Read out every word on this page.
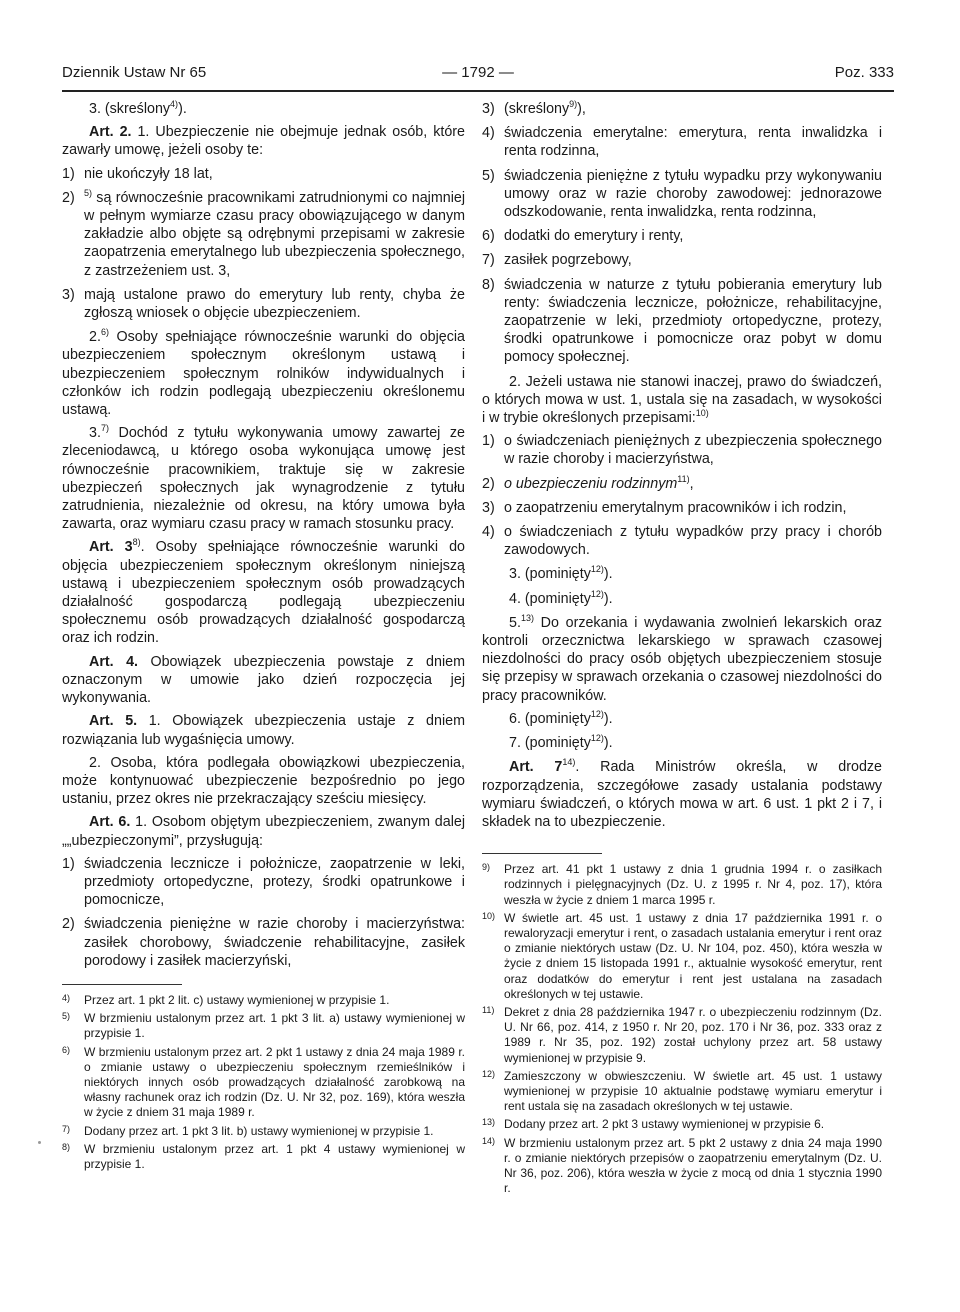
Dziennik Ustaw Nr 65	— 1792 —	Poz. 333

3. (skreślony$^{4)}$).

Art. 2. 1. Ubezpieczenie nie obejmuje jednak osób, które zawarły umowę, jeżeli osoby te:

1) nie ukończyły 18 lat,
2) $^{5)}$ są równocześnie pracownikami zatrudnionymi co najmniej w pełnym wymiarze czasu pracy obowiązującego w danym zakładzie albo objęte są odrębnymi przepisami w zakresie zaopatrzenia emerytalnego lub ubezpieczenia społecznego, z zastrzeżeniem ust. 3,
3) mają ustalone prawo do emerytury lub renty, chyba że zgłoszą wniosek o objęcie ubezpieczeniem.

2.$^{6)}$ Osoby spełniające równocześnie warunki do objęcia ubezpieczeniem społecznym określonym ustawą i ubezpieczeniem społecznym rolników indywidualnych i członków ich rodzin podlegają ubezpieczeniu określonemu ustawą.

3.$^{7)}$ Dochód z tytułu wykonywania umowy zawartej ze zleceniodawcą, u którego osoba wykonująca umowę jest równocześnie pracownikiem, traktuje się w zakresie ubezpieczeń społecznych jak wynagrodzenie z tytułu zatrudnienia, niezależnie od okresu, na który umowa była zawarta, oraz wymiaru czasu pracy w ramach stosunku pracy.

Art. 3$^{8)}$. Osoby spełniające równocześnie warunki do objęcia ubezpieczeniem społecznym określonym niniejszą ustawą i ubezpieczeniem społecznym osób prowadzących działalność gospodarczą podlegają ubezpieczeniu społecznemu osób prowadzących działalność gospodarczą oraz ich rodzin.

Art. 4. Obowiązek ubezpieczenia powstaje z dniem oznaczonym w umowie jako dzień rozpoczęcia jej wykonywania.

Art. 5. 1. Obowiązek ubezpieczenia ustaje z dniem rozwiązania lub wygaśnięcia umowy.

2. Osoba, która podlegała obowiązkowi ubezpieczenia, może kontynuować ubezpieczenie bezpośrednio po jego ustaniu, przez okres nie przekraczający sześciu miesięcy.

Art. 6. 1. Osobom objętym ubezpieczeniem, zwanym dalej „„ubezpieczonymi”, przysługują:

1) świadczenia lecznicze i położnicze, zaopatrzenie w leki, przedmioty ortopedyczne, protezy, środki opatrunkowe i pomocnicze,
2) świadczenia pieniężne w razie choroby i macierzyństwa: zasiłek chorobowy, świadczenie rehabilitacyjne, zasiłek porodowy i zasiłek macierzyński,
4) Przez art. 1 pkt 2 lit. c) ustawy wymienionej w przypisie 1.
5) W brzmieniu ustalonym przez art. 1 pkt 3 lit. a) ustawy wymienionej w przypisie 1.
6) W brzmieniu ustalonym przez art. 2 pkt 1 ustawy z dnia 24 maja 1989 r. o zmianie ustawy o ubezpieczeniu społecznym rzemieślników i niektórych innych osób prowadzących działalność zarobkową na własny rachunek oraz ich rodzin (Dz. U. Nr 32, poz. 169), która weszła w życie z dniem 31 maja 1989 r.
7) Dodany przez art. 1 pkt 3 lit. b) ustawy wymienionej w przypisie 1.
8) W brzmieniu ustalonym przez art. 1 pkt 4 ustawy wymienionej w przypisie 1.
3) (skreślony$^{9)}$),
4) świadczenia emerytalne: emerytura, renta inwalidzka i renta rodzinna,
5) świadczenia pieniężne z tytułu wypadku przy wykonywaniu umowy oraz w razie choroby zawodowej: jednorazowe odszkodowanie, renta inwalidzka, renta rodzinna,
6) dodatki do emerytury i renty,
7) zasiłek pogrzebowy,
8) świadczenia w naturze z tytułu pobierania emerytury lub renty: świadczenia lecznicze, położnicze, rehabilitacyjne, zaopatrzenie w leki, przedmioty ortopedyczne, protezy, środki opatrunkowe i pomocnicze oraz pobyt w domu pomocy społecznej.

2. Jeżeli ustawa nie stanowi inaczej, prawo do świadczeń, o których mowa w ust. 1, ustala się na zasadach, w wysokości i w trybie określonych przepisami:$^{10)}$

1) o świadczeniach pieniężnych z ubezpieczenia społecznego w razie choroby i macierzyństwa,
2) o ubezpieczeniu rodzinnym$^{11)}$,
3) o zaopatrzeniu emerytalnym pracowników i ich rodzin,
4) o świadczeniach z tytułu wypadków przy pracy i chorób zawodowych.
3. (pominięty$^{12)}$).
4. (pominięty$^{12)}$).

5.$^{13)}$ Do orzekania i wydawania zwolnień lekarskich oraz kontroli orzecznictwa lekarskiego w sprawach czasowej niezdolności do pracy osób objętych ubezpieczeniem stosuje się przepisy w sprawach orzekania o czasowej niezdolności do pracy pracowników.

6. (pominięty$^{12)}$).
7. (pominięty$^{12)}$).

Art. 7$^{14)}$. Rada Ministrów określa, w drodze rozporządzenia, szczegółowe zasady ustalania podstawy wymiaru świadczeń, o których mowa w art. 6 ust. 1 pkt 2 i 7, i składek na to ubezpieczenie.

9) Przez art. 41 pkt 1 ustawy z dnia 1 grudnia 1994 r. o zasiłkach rodzinnych i pielęgnacyjnych (Dz. U. z 1995 r. Nr 4, poz. 17), która weszła w życie z dniem 1 marca 1995 r.
10) W świetle art. 45 ust. 1 ustawy z dnia 17 października 1991 r. o rewaloryzacji emerytur i rent, o zasadach ustalania emerytur i rent oraz o zmianie niektórych ustaw (Dz. U. Nr 104, poz. 450), która weszła w życie z dniem 15 listopada 1991 r., aktualnie wysokość emerytur, rent oraz dodatków do emerytur i rent jest ustalana na zasadach określonych w tej ustawie.
11) Dekret z dnia 28 października 1947 r. o ubezpieczeniu rodzinnym (Dz. U. Nr 66, poz. 414, z 1950 r. Nr 20, poz. 170 i Nr 36, poz. 333 oraz z 1989 r. Nr 35, poz. 192) został uchylony przez art. 58 ustawy wymienionej w przypisie 9.
12) Zamieszczony w obwieszczeniu. W świetle art. 45 ust. 1 ustawy wymienionej w przypisie 10 aktualnie podstawę wymiaru emerytur i rent ustala się na zasadach określonych w tej ustawie.
13) Dodany przez art. 2 pkt 3 ustawy wymienionej w przypisie 6.
14) W brzmieniu ustalonym przez art. 5 pkt 2 ustawy z dnia 24 maja 1990 r. o zmianie niektórych przepisów o zaopatrzeniu emerytalnym (Dz. U. Nr 36, poz. 206), która weszła w życie z mocą od dnia 1 stycznia 1990 r.
